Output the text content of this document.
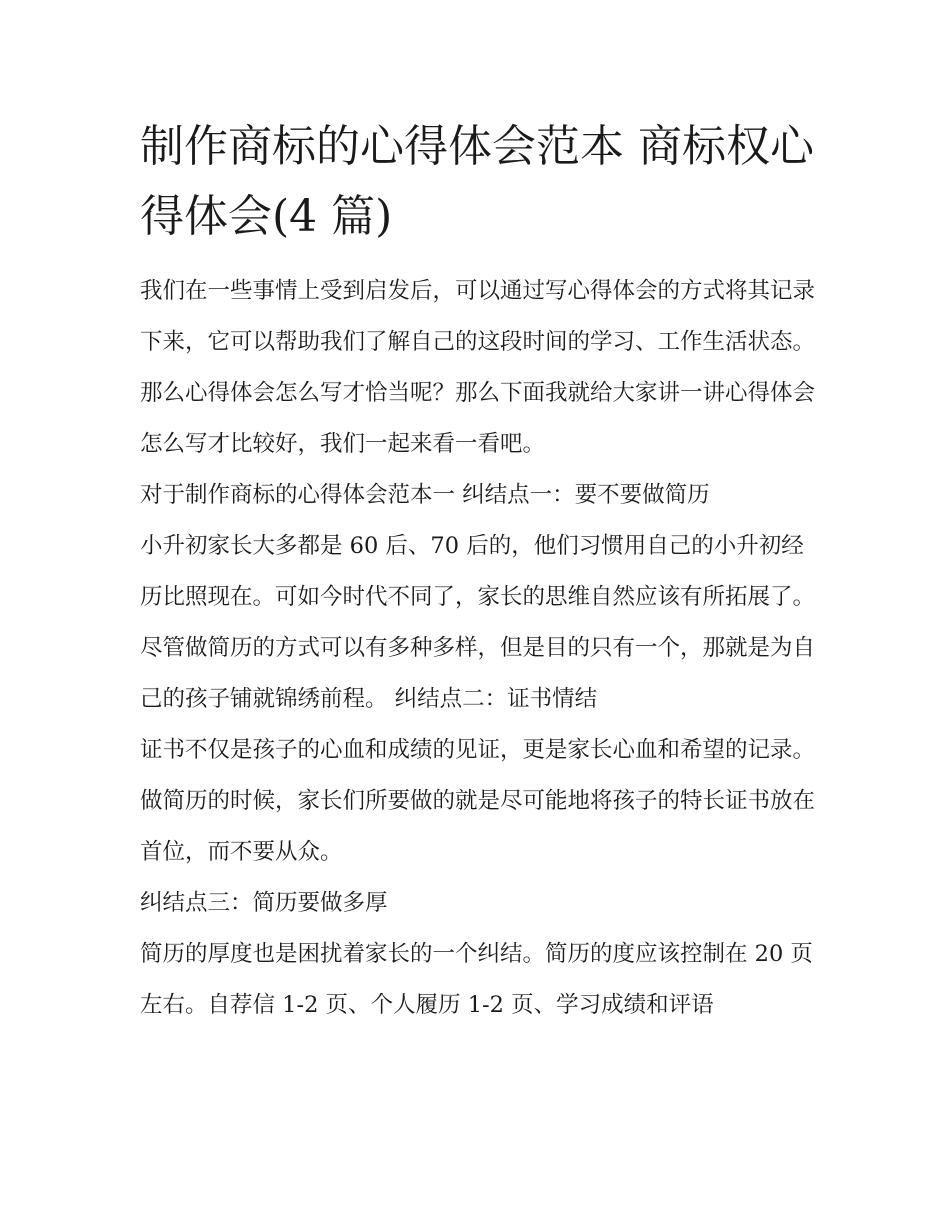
制作商标的心得体会范本 商标权心得体会(4 篇)

我们在一些事情上受到启发后，可以通过写心得体会的方式将其记录下来，它可以帮助我们了解自己的这段时间的学习、工作生活状态。那么心得体会怎么写才恰当呢？那么下面我就给大家讲一讲心得体会怎么写才比较好，我们一起来看一看吧。

对于制作商标的心得体会范本一 纠结点一：要不要做简历

小升初家长大多都是 60 后、70 后的，他们习惯用自己的小升初经历比照现在。可如今时代不同了，家长的思维自然应该有所拓展了。

尽管做简历的方式可以有多种多样，但是目的只有一个，那就是为自己的孩子铺就锦绣前程。 纠结点二：证书情结

证书不仅是孩子的心血和成绩的见证，更是家长心血和希望的记录。做简历的时候，家长们所要做的就是尽可能地将孩子的特长证书放在首位，而不要从众。

纠结点三：简历要做多厚

简历的厚度也是困扰着家长的一个纠结。简历的度应该控制在 20 页左右。自荐信 1-2 页、个人履历 1-2 页、学习成绩和评语
